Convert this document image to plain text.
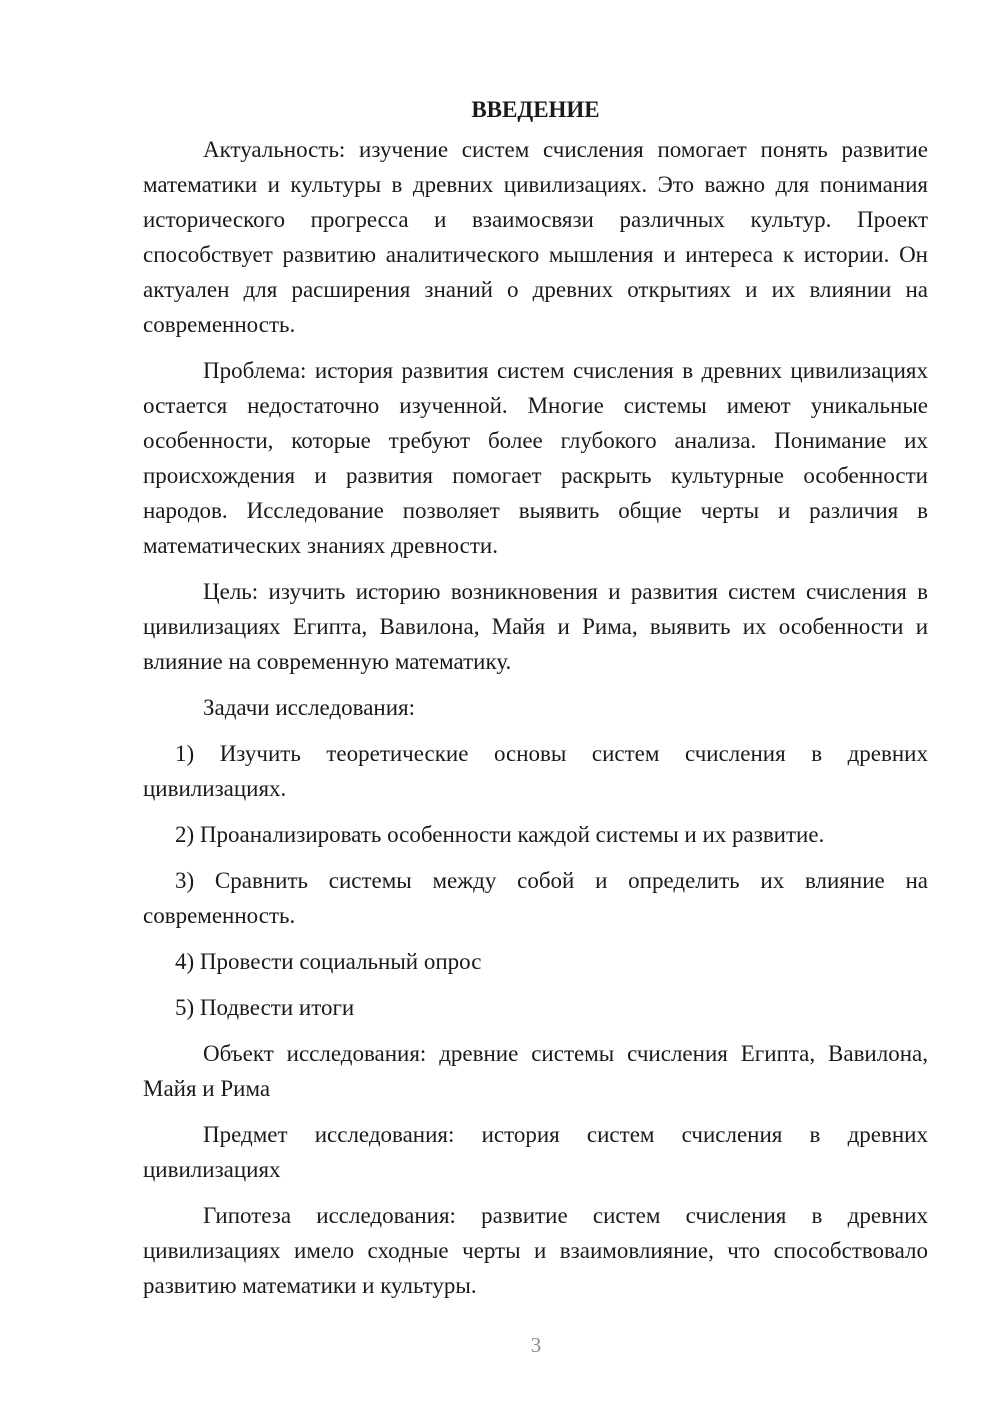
ВВЕДЕНИЕ

Актуальность: изучение систем счисления помогает понять развитие математики и культуры в древних цивилизациях. Это важно для понимания исторического прогресса и взаимосвязи различных культур. Проект способствует развитию аналитического мышления и интереса к истории. Он актуален для расширения знаний о древних открытиях и их влиянии на современность.

Проблема: история развития систем счисления в древних цивилизациях остается недостаточно изученной. Многие системы имеют уникальные особенности, которые требуют более глубокого анализа. Понимание их происхождения и развития помогает раскрыть культурные особенности народов. Исследование позволяет выявить общие черты и различия в математических знаниях древности.

Цель: изучить историю возникновения и развития систем счисления в цивилизациях Египта, Вавилона, Майя и Рима, выявить их особенности и влияние на современную математику.

Задачи исследования:

1) Изучить теоретические основы систем счисления в древних цивилизациях.

2) Проанализировать особенности каждой системы и их развитие.

3) Сравнить системы между собой и определить их влияние на современность.

4) Провести социальный опрос

5) Подвести итоги

Объект исследования: древние системы счисления Египта, Вавилона, Майя и Рима

Предмет исследования: история систем счисления в древних цивилизациях

Гипотеза исследования: развитие систем счисления в древних цивилизациях имело сходные черты и взаимовлияние, что способствовало развитию математики и культуры.

3
